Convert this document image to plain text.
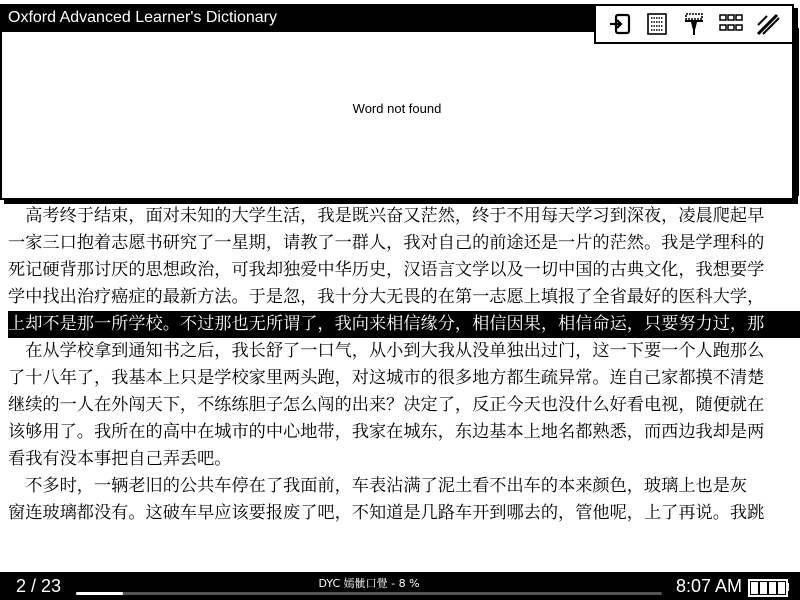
　高考终于结束，面对未知的大学生活，我是既兴奋又茫然，终于不用每天学习到深夜，凌晨爬起早
一家三口抱着志愿书研究了一星期，请教了一群人，我对自己的前途还是一片的茫然。我是学理科的
死记硬背那讨厌的思想政治，可我却独爱中华历史，汉语言文学以及一切中国的古典文化，我想要学
学中找出治疗癌症的最新方法。于是忽，我十分大无畏的在第一志愿上填报了全省最好的医科大学，
上却不是那一所学校。不过那也无所谓了，我向来相信缘分，相信因果，相信命运，只要努力过，那
　在从学校拿到通知书之后，我长舒了一口气，从小到大我从没单独出过门，这一下要一个人跑那么
了十八年了，我基本上只是学校家里两头跑，对这城市的很多地方都生疏异常。连自己家都摸不清楚
继续的一人在外闯天下，不练练胆子怎么闯的出来？决定了，反正今天也没什么好看电视，随便就在
该够用了。我所在的高中在城市的中心地带，我家在城东，东边基本上地名都熟悉，而西边我却是两
看我有没本事把自己弄丢吧。
　不多时，一辆老旧的公共车停在了我面前，车表沾满了泥土看不出车的本来颜色，玻璃上也是灰
窗连玻璃都没有。这破车早应该要报废了吧，不知道是几路车开到哪去的，管他呢，上了再说。我跳
Oxford Advanced Learner's Dictionary
Word not found
2 / 23	DYC 嫣骴口覺 - 8 %	8:07 AM
